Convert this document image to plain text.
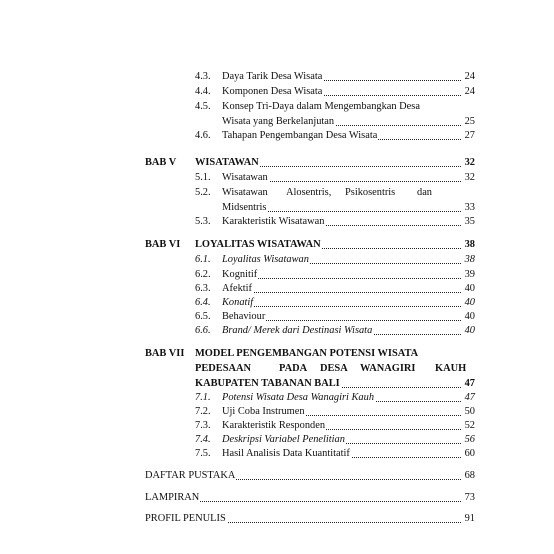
4.3. Daya Tarik Desa Wisata	24
4.4. Komponen Desa Wisata	24
4.5. Konsep Tri-Daya dalam Mengembangkan Desa
Wisata yang Berkelanjutan	25
4.6. Tahapan Pengembangan Desa Wisata	27
BAB V WISATAWAN	32
5.1. Wisatawan	32
5.2. Wisatawan Alosentris, Psikosentris dan
Midsentris	33
5.3. Karakteristik Wisatawan	35
BAB VI LOYALITAS WISATAWAN	38
6.1. Loyalitas Wisatawan	38
6.2. Kognitif	39
6.3. Afektif	40
6.4. Konatif	40
6.5. Behaviour	40
6.6. Brand/ Merek dari Destinasi Wisata	40
BAB VII MODEL PENGEMBANGAN POTENSI WISATA
PEDESAAN	PADA DESA WANAGIRI KAUH
KABUPATEN TABANAN BALI	47
7.1. Potensi Wisata Desa Wanagiri Kauh	47
7.2. Uji Coba Instrumen	50
7.3. Karakteristik Responden	52
7.4. Deskripsi Variabel Penelitian	56
7.5. Hasil Analisis Data Kuantitatif	60
DAFTAR PUSTAKA	68
LAMPIRAN	73
PROFIL PENULIS	91
